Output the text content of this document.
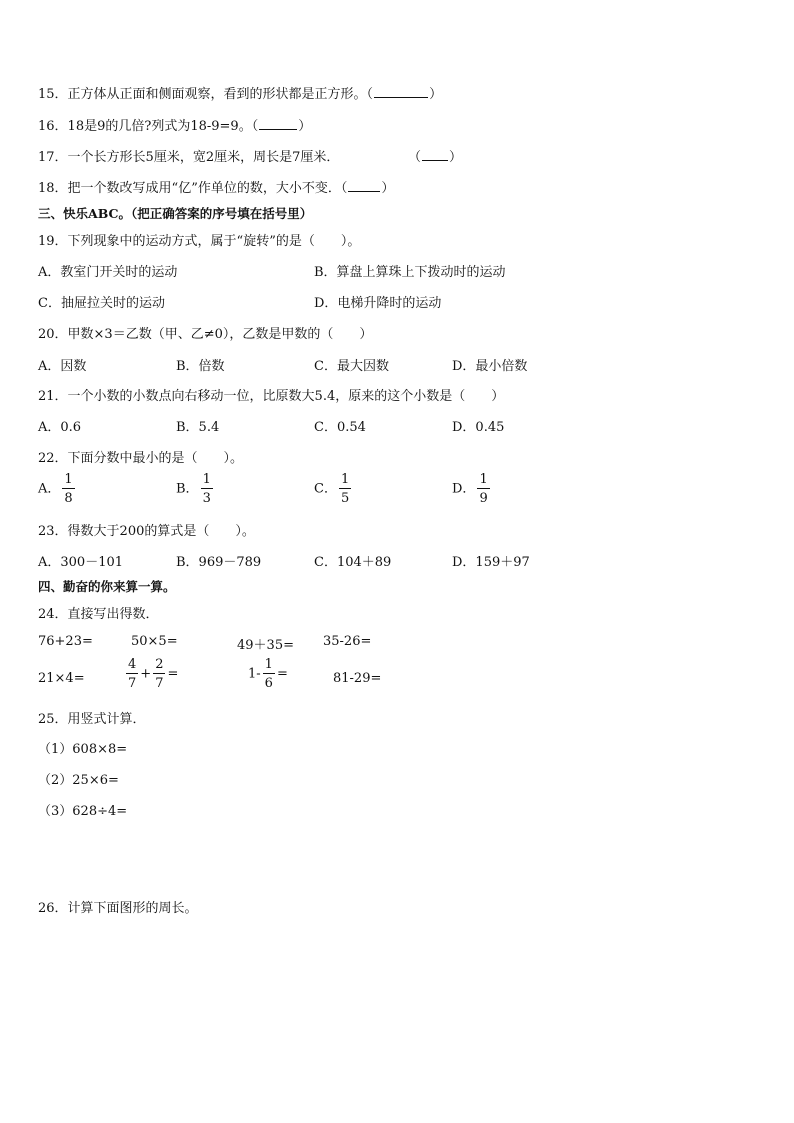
15．正方体从正面和侧面观察，看到的形状都是正方形。（	）
16．18是9的几倍?列式为18-9=9。（	）
17．一个长方形长5厘米，宽2厘米，周长是7厘米．	（ ）
18．把一个数改写成用“亿”作单位的数，大小不变．（	）
三、快乐ABC。（把正确答案的序号填在括号里）
19．下列现象中的运动方式，属于“旋转”的是（　　）。
A．教室门开关时的运动	B．算盘上算珠上下拨动时的运动
C．抽屉拉关时的运动	D．电梯升降时的运动
20．甲数×3＝乙数（甲、乙≠0），乙数是甲数的（　　）
A．因数	B．倍数	C．最大因数	D．最小倍数
21．一个小数的小数点向右移动一位，比原数大5.4，原来的这个小数是（　　）
A．0.6	B．5.4	C．0.54	D．0.45
22．下面分数中最小的是（　　）。
A． $\frac{1}{8}$	B． $\frac{1}{3}$	C． $\frac{1}{5}$	D． $\frac{1}{9}$
23．得数大于200的算式是（　　）。
A．300－101	B．969－789	C．104＋89	D．159＋97
四、勤奋的你来算一算。
24．直接写出得数．
76+23=	50×5=	49＋35= 35-26=
21×4=	$\frac{4}{7} + \frac{2}{7}$ =	$1- \frac{1}{6}$ =	81-29=
25．用竖式计算．
（1）608×8=
（2）25×6=
（3）628÷4=
26．计算下面图形的周长。
